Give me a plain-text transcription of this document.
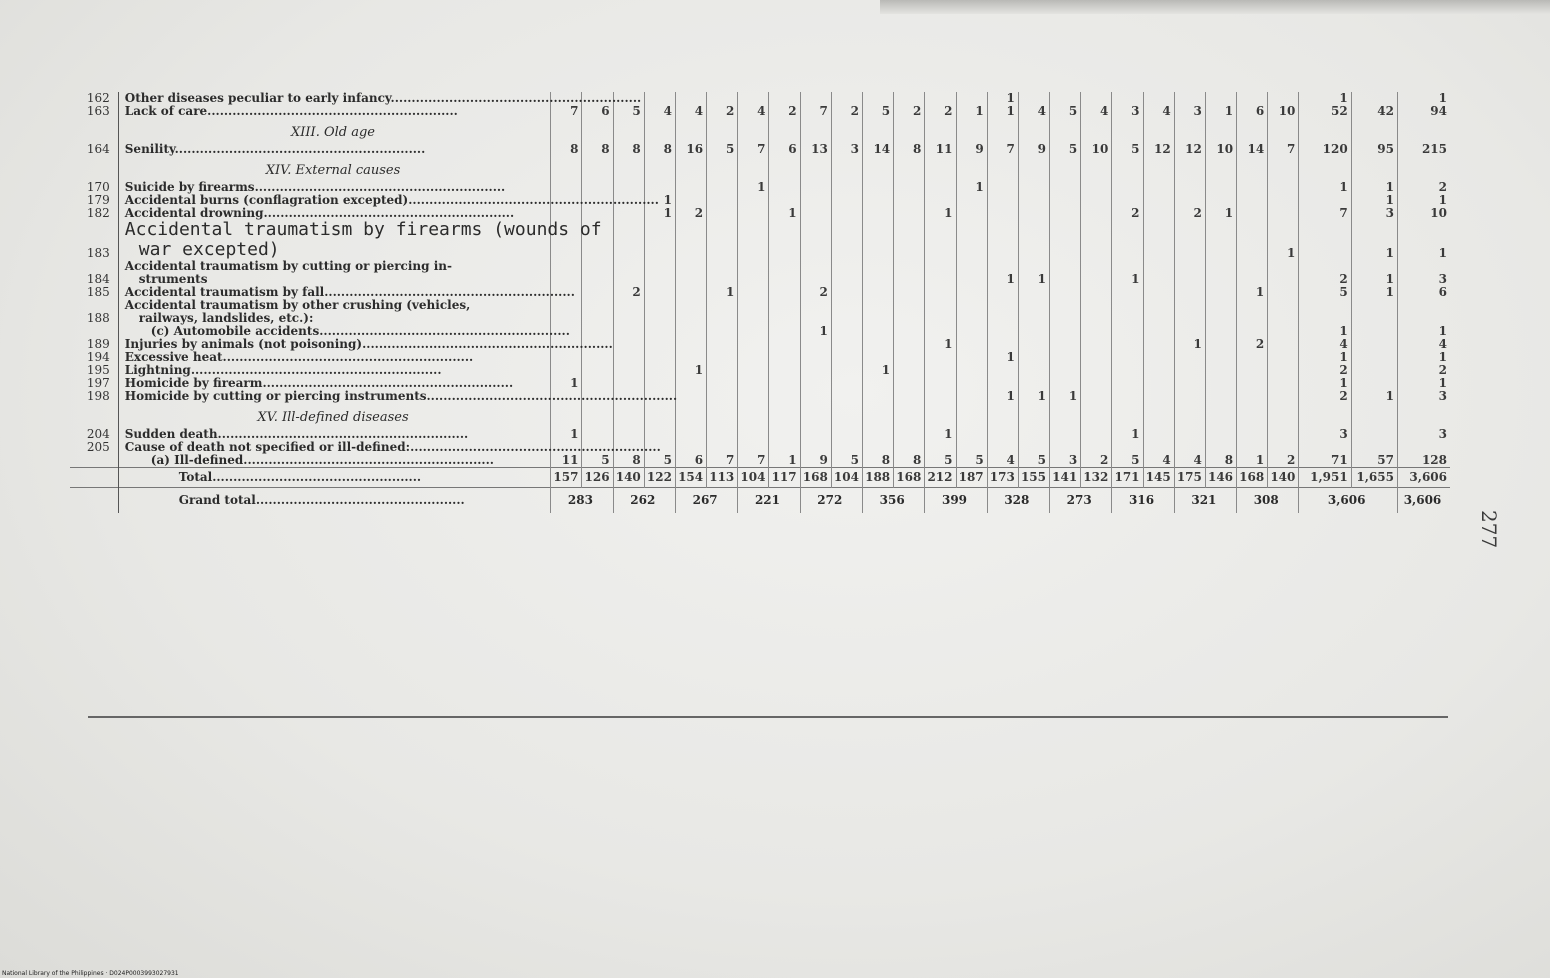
162	Other diseases peculiar to early infancy............................................................															1										1		1
163	Lack of care............................................................	7	6	5	4	4	2	4	2	7	2	5	2	2	1	1	4	5	4	3	4	3	1	6	10	52	42	94
	XIII. Old age																											
164	Senility............................................................	8	8	8	8	16	5	7	6	13	3	14	8	11	9	7	9	5	10	5	12	12	10	14	7	120	95	215
	XIV. External causes																											
170	Suicide by firearms............................................................							1							1											1	1	2
179	Accidental burns (conflagration excepted)............................................................				1																						1	1
182	Accidental drowning............................................................				1	2			1					1						2		2	1			7	3	10
183	Accidental traumatism by firearms (wounds of
war excepted)																								1		1	1
184	Accidental traumatism by cutting or piercing in-
struments															1	1			1						2	1	3
185	Accidental traumatism by fall............................................................			2			1			2														1		5	1	6
188	Accidental traumatism by other crushing (vehicles,
railways, landslides, etc.):																											

	(c) Automobile accidents............................................................									1																1		1
189	Injuries by animals (not poisoning)............................................................													1								1		2		4		4
194	Excessive heat............................................................															1										1		1
195	Lightning............................................................					1						1														2		2
197	Homicide by firearm............................................................	1																								1		1
198	Homicide by cutting or piercing instruments............................................................															1	1	1								2	1	3
	XV. Ill-defined diseases																											
204	Sudden death............................................................	1												1						1						3		3
205	Cause of death not specified or ill-defined:............................................................																											
	(a) Ill-defined............................................................	11	5	8	5	6	7	7	1	9	5	8	8	5	5	4	5	3	2	5	4	4	8	1	2	71	57	128
	Total..................................................	157	126	140	122	154	113	104	117	168	104	188	168	212	187	173	155	141	132	171	145	175	146	168	140	1,951	1,655	3,606
	Grand total..................................................	283		262		267		221		272		356		399		328		273		316		321		308		3,606		3,606
277
National Library of the Philippines · D024P0003993027931
